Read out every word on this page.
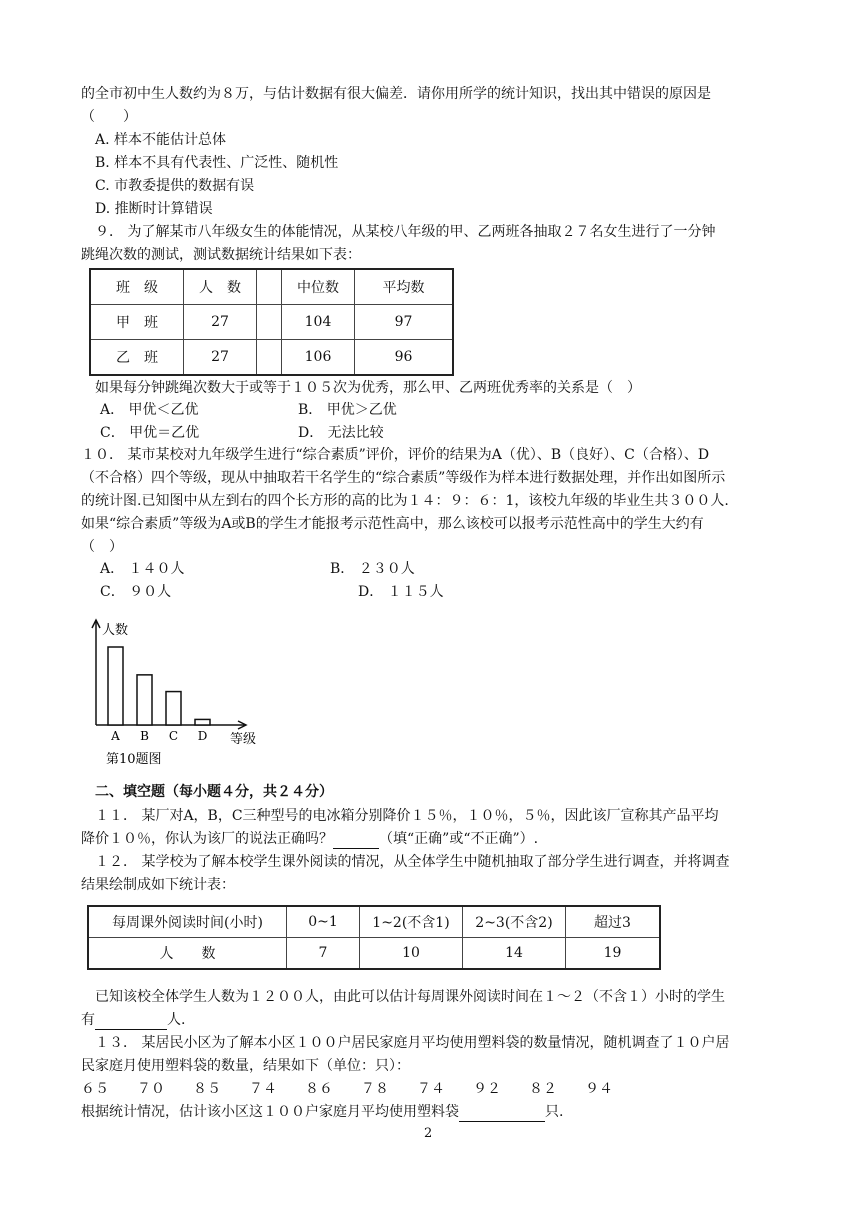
的全市初中生人数约为８万，与估计数据有很大偏差．请你用所学的统计知识，找出其中错误的原因是
（　　）
A. 样本不能估计总体
B. 样本不具有代表性、广泛性、随机性
C. 市教委提供的数据有误
D. 推断时计算错误
９． 为了解某市八年级女生的体能情况，从某校八年级的甲、乙两班各抽取２７名女生进行了一分钟
跳绳次数的测试，测试数据统计结果如下表：
班　级	人　数		中位数	平均数
甲　班	27		104	97
乙　班	27		106	96
如果每分钟跳绳次数大于或等于１０５次为优秀，那么甲、乙两班优秀率的关系是（　）
A． 甲优＜乙优	B． 甲优＞乙优
C． 甲优＝乙优	D． 无法比较
１０． 某市某校对九年级学生进行“综合素质”评价，评价的结果为A（优）、B（良好）、C（合格）、D
（不合格）四个等级，现从中抽取若干名学生的“综合素质”等级作为样本进行数据处理，并作出如图所示
的统计图.已知图中从左到右的四个长方形的高的比为１４：９：６：1，该校九年级的毕业生共３００人.
如果“综合素质”等级为A或B的学生才能报考示范性高中，那么该校可以报考示范性高中的学生大约有
（　）
A． １４０人	B． ２３０人
C． ９０人	D． １１５人
人数
等级
A B C D
第10题图
二、填空题（每小题４分，共２４分）
１１． 某厂对A，B，C三种型号的电冰箱分别降价１５％，１０％，５％，因此该厂宣称其产品平均
降价１０％，你认为该厂的说法正确吗？	（填“正确”或“不正确”）.
１２． 某学校为了解本校学生课外阅读的情况，从全体学生中随机抽取了部分学生进行调查，并将调查
结果绘制成如下统计表：
每周课外阅读时间(小时)	0~1	1~2(不含1)	2~3(不含2)	超过3
人　　数	7	10	14	19
已知该校全体学生人数为１２００人，由此可以估计每周课外阅读时间在１～２（不含１）小时的学生
有	人.
１３． 某居民小区为了解本小区１００户居民家庭月平均使用塑料袋的数量情况，随机调查了１０户居
民家庭月使用塑料袋的数量，结果如下（单位：只）：
６５　　７０　　８５　　７４　　８６　　７８　　７４　　９２　　８２　　９４
根据统计情况，估计该小区这１００户家庭月平均使用塑料袋	只.
2
